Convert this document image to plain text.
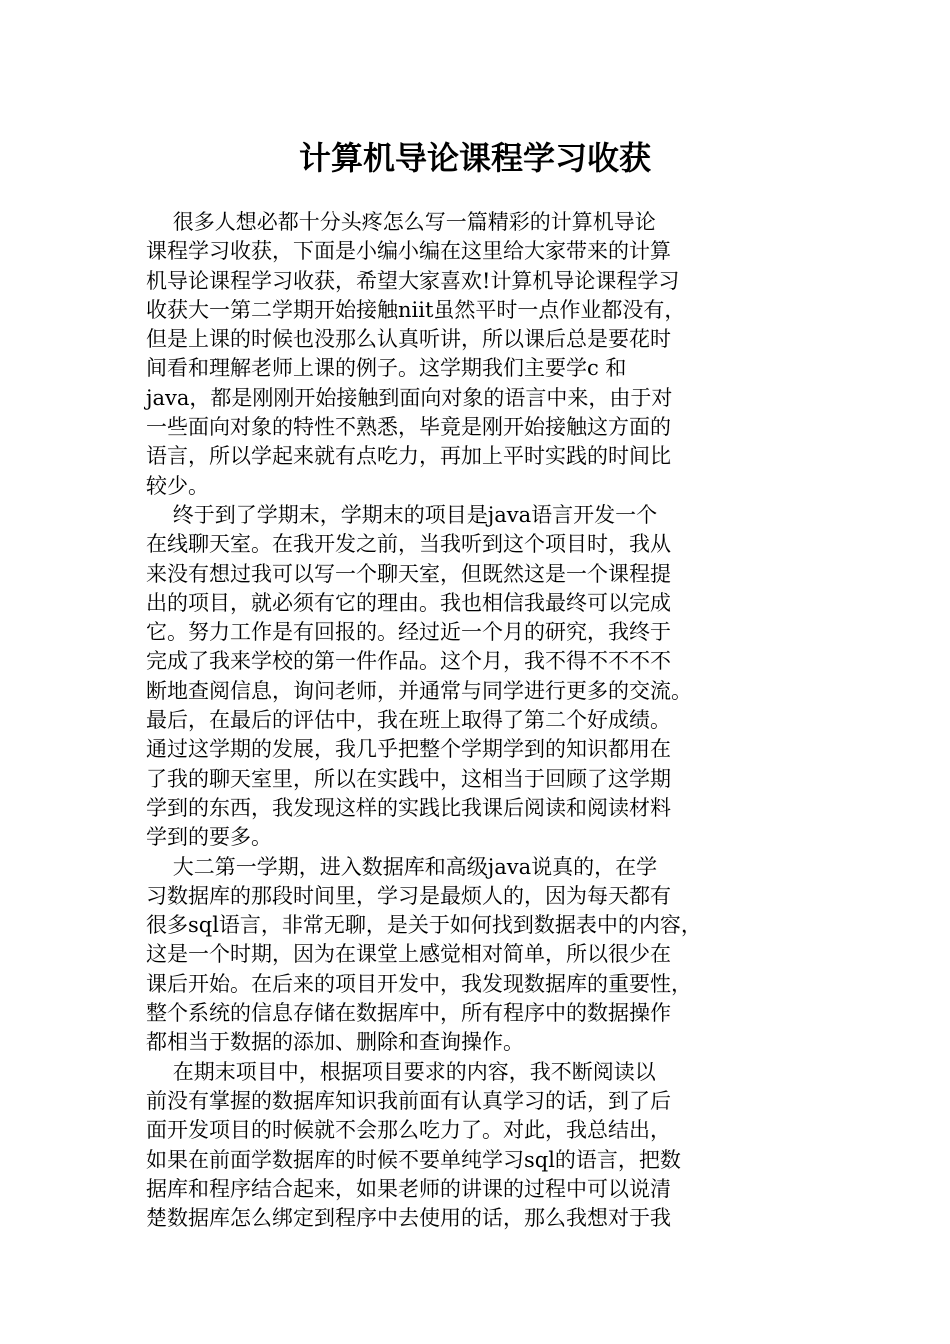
计算机导论课程学习收获
很多人想必都十分头疼怎么写一篇精彩的计算机导论
课程学习收获，下面是小编小编在这里给大家带来的计算
机导论课程学习收获，希望大家喜欢!计算机导论课程学习
收获大一第二学期开始接触niit虽然平时一点作业都没有，
但是上课的时候也没那么认真听讲，所以课后总是要花时
间看和理解老师上课的例子。这学期我们主要学c 和
java，都是刚刚开始接触到面向对象的语言中来，由于对
一些面向对象的特性不熟悉，毕竟是刚开始接触这方面的
语言，所以学起来就有点吃力，再加上平时实践的时间比
较少。
终于到了学期末，学期末的项目是java语言开发一个
在线聊天室。在我开发之前，当我听到这个项目时，我从
来没有想过我可以写一个聊天室，但既然这是一个课程提
出的项目，就必须有它的理由。我也相信我最终可以完成
它。努力工作是有回报的。经过近一个月的研究，我终于
完成了我来学校的第一件作品。这个月，我不得不不不不
断地查阅信息，询问老师，并通常与同学进行更多的交流。
最后，在最后的评估中，我在班上取得了第二个好成绩。
通过这学期的发展，我几乎把整个学期学到的知识都用在
了我的聊天室里，所以在实践中，这相当于回顾了这学期
学到的东西，我发现这样的实践比我课后阅读和阅读材料
学到的要多。
大二第一学期，进入数据库和高级java说真的，在学
习数据库的那段时间里，学习是最烦人的，因为每天都有
很多sql语言，非常无聊，是关于如何找到数据表中的内容，
这是一个时期，因为在课堂上感觉相对简单，所以很少在
课后开始。在后来的项目开发中，我发现数据库的重要性，
整个系统的信息存储在数据库中，所有程序中的数据操作
都相当于数据的添加、删除和查询操作。
在期末项目中，根据项目要求的内容，我不断阅读以
前没有掌握的数据库知识我前面有认真学习的话，到了后
面开发项目的时候就不会那么吃力了。对此，我总结出，
如果在前面学数据库的时候不要单纯学习sql的语言，把数
据库和程序结合起来，如果老师的讲课的过程中可以说清
楚数据库怎么绑定到程序中去使用的话，那么我想对于我
